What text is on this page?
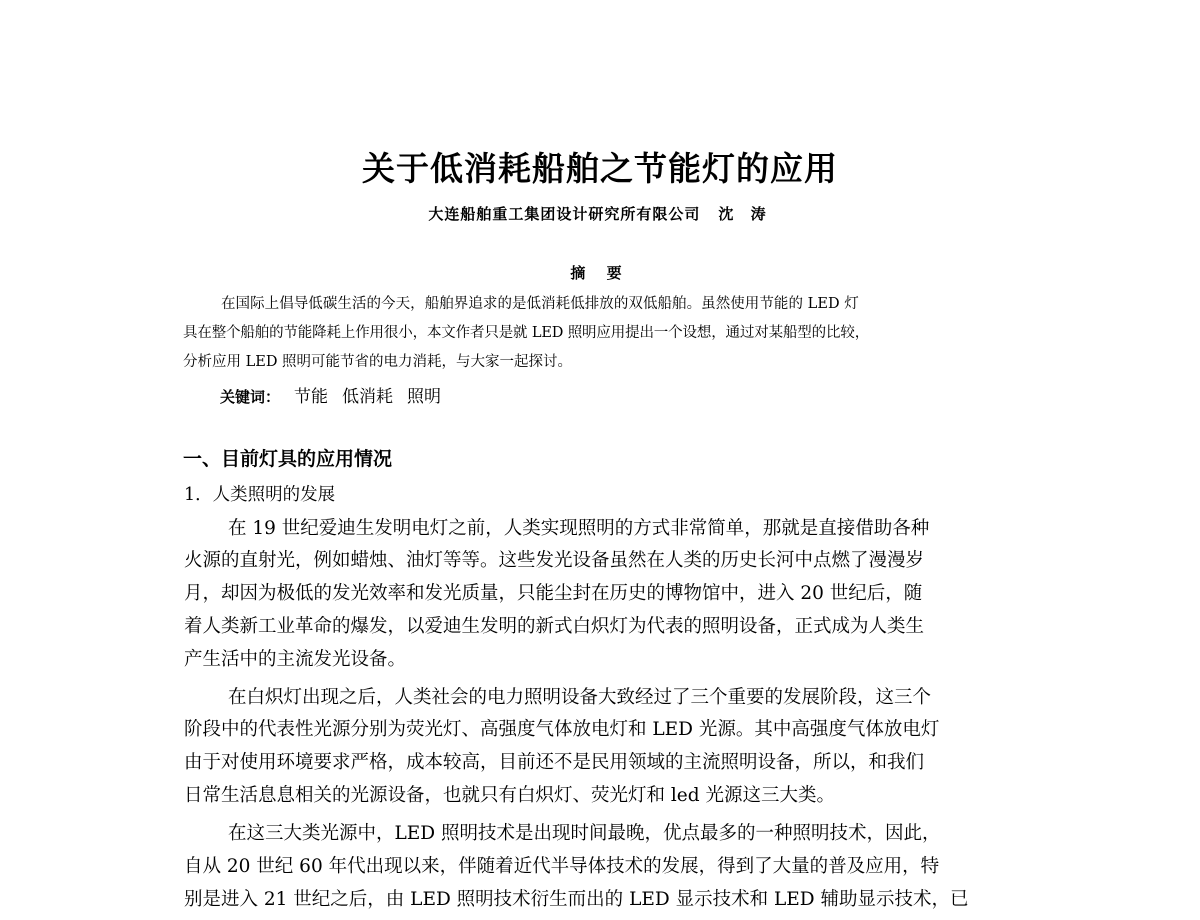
关于低消耗船舶之节能灯的应用
大连船舶重工集团设计研究所有限公司 沈 涛
摘 要
在国际上倡导低碳生活的今天，船舶界追求的是低消耗低排放的双低船舶。虽然使用节能的 LED 灯
具在整个船舶的节能降耗上作用很小，本文作者只是就 LED 照明应用提出一个设想，通过对某船型的比较，
分析应用 LED 照明可能节省的电力消耗，与大家一起探讨。
关键词： 节能 低消耗 照明
一、目前灯具的应用情况
1．人类照明的发展
在 19 世纪爱迪生发明电灯之前，人类实现照明的方式非常简单，那就是直接借助各种
火源的直射光，例如蜡烛、油灯等等。这些发光设备虽然在人类的历史长河中点燃了漫漫岁
月，却因为极低的发光效率和发光质量，只能尘封在历史的博物馆中，进入 20 世纪后，随
着人类新工业革命的爆发，以爱迪生发明的新式白炽灯为代表的照明设备，正式成为人类生
产生活中的主流发光设备。
在白炽灯出现之后，人类社会的电力照明设备大致经过了三个重要的发展阶段，这三个
阶段中的代表性光源分别为荧光灯、高强度气体放电灯和 LED 光源。其中高强度气体放电灯
由于对使用环境要求严格，成本较高，目前还不是民用领域的主流照明设备，所以，和我们
日常生活息息相关的光源设备，也就只有白炽灯、荧光灯和 led 光源这三大类。
在这三大类光源中，LED 照明技术是出现时间最晚，优点最多的一种照明技术，因此，
自从 20 世纪 60 年代出现以来，伴随着近代半导体技术的发展，得到了大量的普及应用，特
别是进入 21 世纪之后，由 LED 照明技术衍生而出的 LED 显示技术和 LED 辅助显示技术，已
